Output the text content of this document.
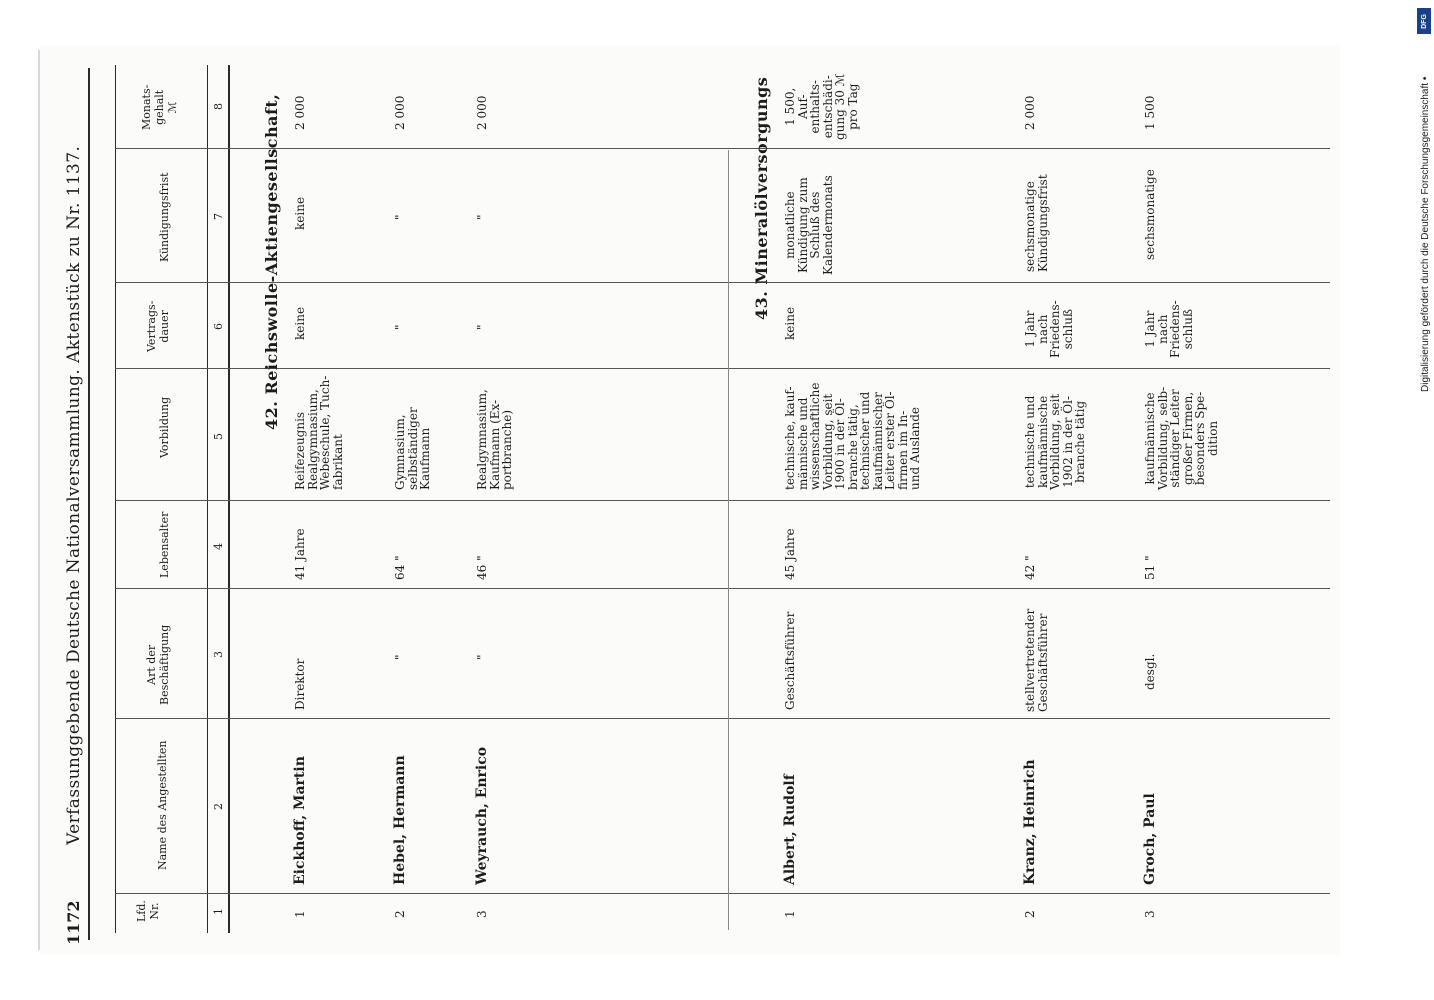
1172
Verfassunggebende Deutsche Nationalversammlung. Aktenstück zu Nr. 1137.
Lfd.
Nr.
Name des Angestellten
Art der
Beschäftigung
Lebensalter
Vorbildung
Vertrags-
dauer
Kündigungsfrist
Monats-
gehalt
ℳ
1
2
3
4
5
6
7
8 42. Reichswolle-Aktiengesellschaft,	43. Mineralölversorgungs
1
Eickhoff, Martin
Direktor
41 Jahre
Reifezeugnis
Realgymnasium,
Webeschule, Tuch-
fabrikant
keine
keine
2 000
2
Hebel, Hermann
"
64 "
Gymnasium,
selbständiger
Kaufmann
"
"
2 000
3
Weyrauch, Enrico
"
46 "
Realgymnasium,
Kaufmann (Ex-
portbranche)
"
"
2 000
1
Albert, Rudolf
Geschäftsführer
45 Jahre
technische, kauf-
männische und
wissenschaftliche
Vorbildung, seit
1900 in der Öl-
branche tätig,
technischer und
kaufmännischer
Leiter erster Öl-
firmen im In-
und Auslande
keine
monatliche
Kündigung zum
Schluß des
Kalendermonats
1 500,
Auf-
enthalts-
entschädi-
gung 30 ℳ
pro Tag
2
Kranz, Heinrich
stellvertretender
Geschäftsführer
42 "
technische und
kaufmännische
Vorbildung, seit
1902 in der Öl-
branche tätig
1 Jahr
nach
Friedens-
schluß
sechsmonatige
Kündigungsfrist
2 000
3
Groch, Paul
desgl.
51 "
kaufmännische
Vorbildung, selb-
ständiger Leiter
großer Firmen,
besonders Spe-
dition
1 Jahr
nach
Friedens-
schluß
sechsmonatige
1 500	Digitalisierung gefördert durch die Deutsche Forschungsgemeinschaft •
DFG
